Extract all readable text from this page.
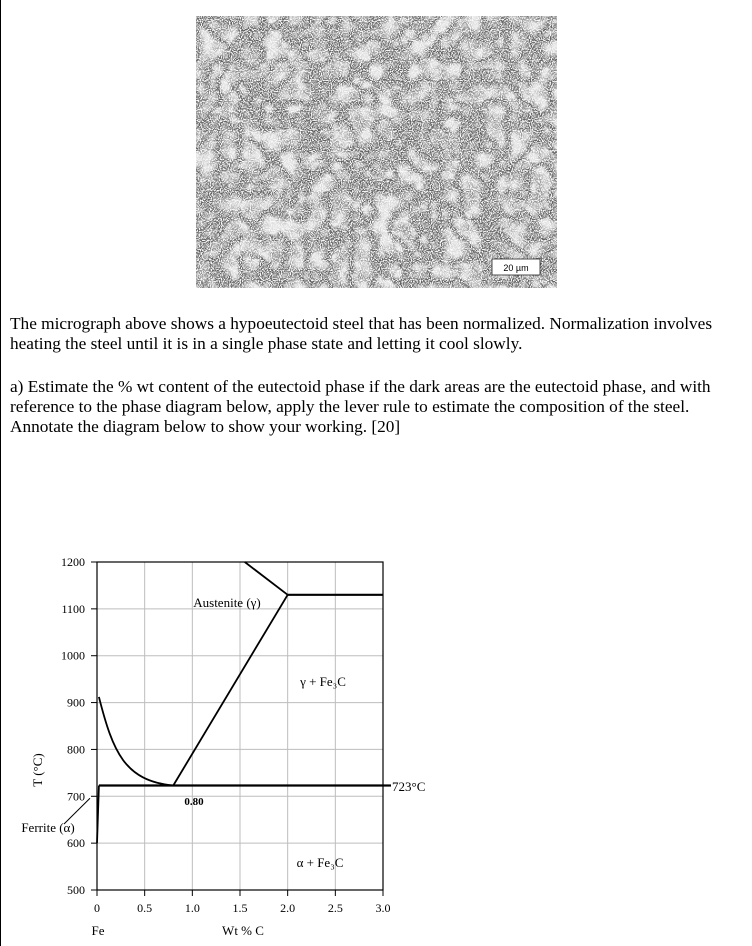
20 µm
The micrograph above shows a hypoeutectoid steel that has been normalized. Normalization involves heating the steel until it is in a single phase state and letting it cool slowly.
a) Estimate the % wt content of the eutectoid phase if the dark areas are the eutectoid phase, and with reference to the phase diagram below, apply the lever rule to estimate the composition of the steel. Annotate the diagram below to show your working. [20]
500
600
700
800
900
1000
1100
1200
0	0.5	1.0	1.5	2.0	2.5	3.0
T (°C)
Wt % C
Fe
Austenite (γ)
γ + Fe₃C
α + Fe₃C
Ferrite (α)
723°C
0.80
